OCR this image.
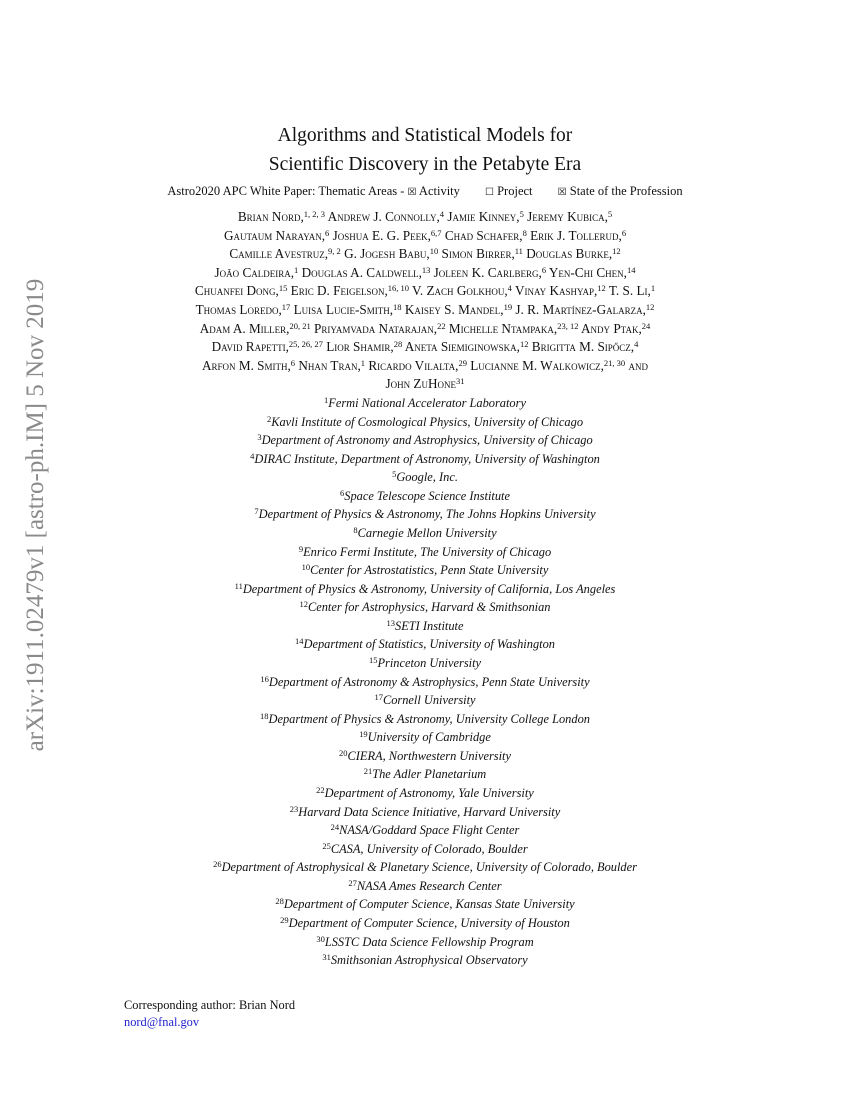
arXiv:1911.02479v1 [astro-ph.IM] 5 Nov 2019
Algorithms and Statistical Models for
Scientific Discovery in the Petabyte Era
Astro2020 APC White Paper: Thematic Areas - ☒ Activity	☐ Project	☒ State of the Profession
Brian Nord,$^{1, 2, 3}$ Andrew J. Connolly,$^4$ Jamie Kinney,$^5$ Jeremy Kubica,$^5$
Gautaum Narayan,$^6$ Joshua E. G. Peek,$^{6,7}$ Chad Schafer,$^8$ Erik J. Tollerud,$^6$
Camille Avestruz,$^{9, 2}$ G. Jogesh Babu,$^{10}$ Simon Birrer,$^{11}$ Douglas Burke,$^{12}$
João Caldeira,$^1$ Douglas A. Caldwell,$^{13}$ Joleen K. Carlberg,$^6$ Yen-Chi Chen,$^{14}$
Chuanfei Dong,$^{15}$ Eric D. Feigelson,$^{16, 10}$ V. Zach Golkhou,$^4$ Vinay Kashyap,$^{12}$ T. S. Li,$^1$
Thomas Loredo,$^{17}$ Luisa Lucie-Smith,$^{18}$ Kaisey S. Mandel,$^{19}$ J. R. Martínez-Galarza,$^{12}$
Adam A. Miller,$^{20, 21}$ Priyamvada Natarajan,$^{22}$ Michelle Ntampaka,$^{23, 12}$ Andy Ptak,$^{24}$
David Rapetti,$^{25, 26, 27}$ Lior Shamir,$^{28}$ Aneta Siemiginowska,$^{12}$ Brigitta M. Sipőcz,$^4$
Arfon M. Smith,$^6$ Nhan Tran,$^1$ Ricardo Vilalta,$^{29}$ Lucianne M. Walkowicz,$^{21, 30}$ and
John ZuHone$^{31}$
$^1$Fermi National Accelerator Laboratory
$^2$Kavli Institute of Cosmological Physics, University of Chicago
$^3$Department of Astronomy and Astrophysics, University of Chicago
$^4$DIRAC Institute, Department of Astronomy, University of Washington
$^5$Google, Inc.
$^6$Space Telescope Science Institute
$^7$Department of Physics & Astronomy, The Johns Hopkins University
$^8$Carnegie Mellon University
$^9$Enrico Fermi Institute, The University of Chicago
$^{10}$Center for Astrostatistics, Penn State University
$^{11}$Department of Physics & Astronomy, University of California, Los Angeles
$^{12}$Center for Astrophysics, Harvard & Smithsonian
$^{13}$SETI Institute
$^{14}$Department of Statistics, University of Washington
$^{15}$Princeton University
$^{16}$Department of Astronomy & Astrophysics, Penn State University
$^{17}$Cornell University
$^{18}$Department of Physics & Astronomy, University College London
$^{19}$University of Cambridge
$^{20}$CIERA, Northwestern University
$^{21}$The Adler Planetarium
$^{22}$Department of Astronomy, Yale University
$^{23}$Harvard Data Science Initiative, Harvard University
$^{24}$NASA/Goddard Space Flight Center
$^{25}$CASA, University of Colorado, Boulder
$^{26}$Department of Astrophysical & Planetary Science, University of Colorado, Boulder
$^{27}$NASA Ames Research Center
$^{28}$Department of Computer Science, Kansas State University
$^{29}$Department of Computer Science, University of Houston
$^{30}$LSSTC Data Science Fellowship Program
$^{31}$Smithsonian Astrophysical Observatory
Corresponding author: Brian Nord
nord@fnal.gov
